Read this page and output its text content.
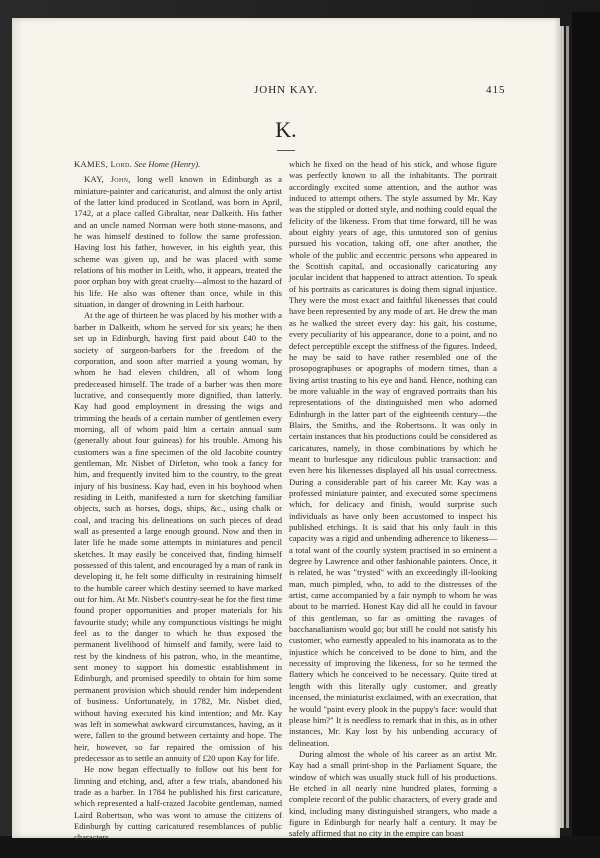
JOHN KAY.	415
K.

KAMES, Lord. See Home (Henry).

KAY, John, long well known in Edinburgh as a miniature-painter and caricaturist, and almost the only artist of the latter kind produced in Scotland, was born in April, 1742, at a place called Gibraltar, near Dalkeith. His father and an uncle named Norman were both stone-masons, and he was himself destined to follow the same profession. Having lost his father, however, in his eighth year, this scheme was given up, and he was placed with some relations of his mother in Leith, who, it appears, treated the poor orphan boy with great cruelty—almost to the hazard of his life. He also was oftener than once, while in this situation, in danger of drowning in Leith harbour.

At the age of thirteen he was placed by his mother with a barber in Dalkeith, whom he served for six years; he then set up in Edinburgh, having first paid about £40 to the society of surgeon-barbers for the freedom of the corporation, and soon after married a young woman, by whom he had eleven children, all of whom long predeceased himself. The trade of a barber was then more lucrative, and consequently more dignified, than latterly. Kay had good employment in dressing the wigs and trimming the heads of a certain number of gentlemen every morning, all of whom paid him a certain annual sum (generally about four guineas) for his trouble. Among his customers was a fine specimen of the old Jacobite country gentleman, Mr. Nisbet of Dirleton, who took a fancy for him, and frequently invited him to the country, to the great injury of his business. Kay had, even in his boyhood when residing in Leith, manifested a turn for sketching familiar objects, such as horses, dogs, ships, &c., using chalk or coal, and tracing his delineations on such pieces of dead wall as presented a large enough ground. Now and then in later life he made some attempts in miniatures and pencil sketches. It may easily be conceived that, finding himself possessed of this talent, and encouraged by a man of rank in developing it, he felt some difficulty in restraining himself to the humble career which destiny seemed to have marked out for him. At Mr. Nisbet's country-seat he for the first time found proper opportunities and proper materials for his favourite study; while any compunctious visitings he might feel as to the danger to which he thus exposed the permanent livelihood of himself and family, were laid to rest by the kindness of his patron, who, in the meantime, sent money to support his domestic establishment in Edinburgh, and promised speedily to obtain for him some permanent provision which should render him independent of business. Unfortunately, in 1782, Mr. Nisbet died, without having executed his kind intention; and Mr. Kay was left in somewhat awkward circumstances, having, as it were, fallen to the ground between certainty and hope. The heir, however, so far repaired the omission of his predecessor as to settle an annuity of £20 upon Kay for life.

He now began effectually to follow out his bent for limning and etching, and, after a few trials, abandoned his trade as a barber. In 1784 he published his first caricature, which represented a half-crazed Jacobite gentleman, named Laird Robertson, who was wont to amuse the citizens of Edinburgh by cutting caricatured resemblances of public characters,

which he fixed on the head of his stick, and whose figure was perfectly known to all the inhabitants. The portrait accordingly excited some attention, and the author was induced to attempt others. The style assumed by Mr. Kay was the stippled or dotted style, and nothing could equal the felicity of the likeness. From that time forward, till he was about eighty years of age, this untutored son of genius pursued his vocation, taking off, one after another, the whole of the public and eccentric persons who appeared in the Scottish capital, and occasionally caricaturing any jocular incident that happened to attract attention. To speak of his portraits as caricatures is doing them signal injustice. They were the most exact and faithful likenesses that could have been represented by any mode of art. He drew the man as he walked the street every day: his gait, his costume, every peculiarity of his appearance, done to a point, and no defect perceptible except the stiffness of the figures. Indeed, he may be said to have rather resembled one of the prosopographuses or apographs of modern times, than a living artist trusting to his eye and hand. Hence, nothing can be more valuable in the way of engraved portraits than his representations of the distinguished men who adorned Edinburgh in the latter part of the eighteenth century—the Blairs, the Smiths, and the Robertsons. It was only in certain instances that his productions could be considered as caricatures, namely, in those combinations by which he meant to burlesque any ridiculous public transaction: and even here his likenesses displayed all his usual correctness. During a considerable part of his career Mr. Kay was a professed miniature painter, and executed some specimens which, for delicacy and finish, would surprise such individuals as have only been accustomed to inspect his published etchings. It is said that his only fault in this capacity was a rigid and unbending adherence to likeness—a total want of the courtly system practised in so eminent a degree by Lawrence and other fashionable painters. Once, it is related, he was "trysted" with an exceedingly ill-looking man, much pimpled, who, to add to the distresses of the artist, came accompanied by a fair nymph to whom he was about to be married. Honest Kay did all he could in favour of this gentleman, so far as omitting the ravages of bacchanalianism would go; but still he could not satisfy his customer, who earnestly appealed to his inamorata as to the injustice which he conceived to be done to him, and the necessity of improving the likeness, for so he termed the flattery which he conceived to be necessary. Quite tired at length with this literally ugly customer, and greatly incensed, the miniaturist exclaimed, with an execration, that he would "paint every plook in the puppy's face: would that please him?" It is needless to remark that in this, as in other instances, Mr. Kay lost by his unbending accuracy of delineation.

During almost the whole of his career as an artist Mr. Kay had a small print-shop in the Parliament Square, the window of which was usually stuck full of his productions. He etched in all nearly nine hundred plates, forming a complete record of the public characters, of every grade and kind, including many distinguished strangers, who made a figure in Edinburgh for nearly half a century. It may be safely affirmed that no city in the empire can boast
